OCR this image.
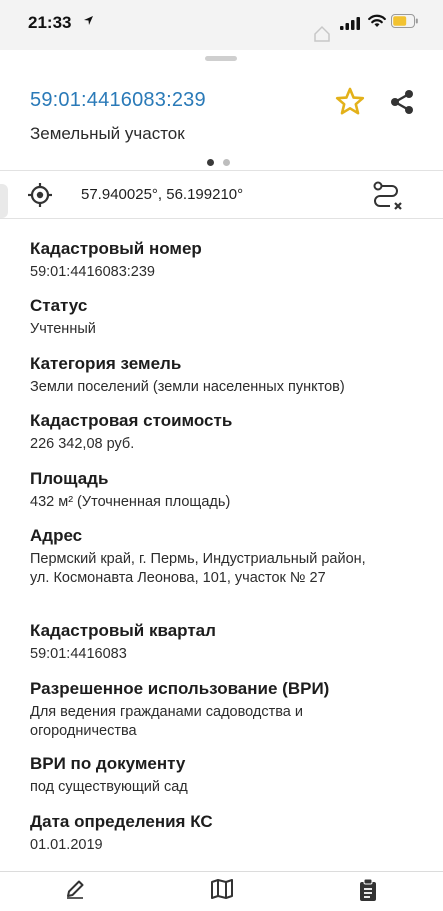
21:33
59:01:4416083:239
Земельный участок
57.940025°, 56.199210°
Кадастровый номер
59:01:4416083:239
Статус
Учтенный
Категория земель
Земли поселений (земли населенных пунктов)
Кадастровая стоимость
226 342,08 руб.
Площадь
432 м² (Уточненная площадь)
Адрес
Пермский край, г. Пермь, Индустриальный район, ул. Космонавта Леонова, 101, участок № 27
Кадастровый квартал
59:01:4416083
Разрешенное использование (ВРИ)
Для ведения гражданами садоводства и огородничества
ВРИ по документу
под существующий сад
Дата определения КС
01.01.2019
